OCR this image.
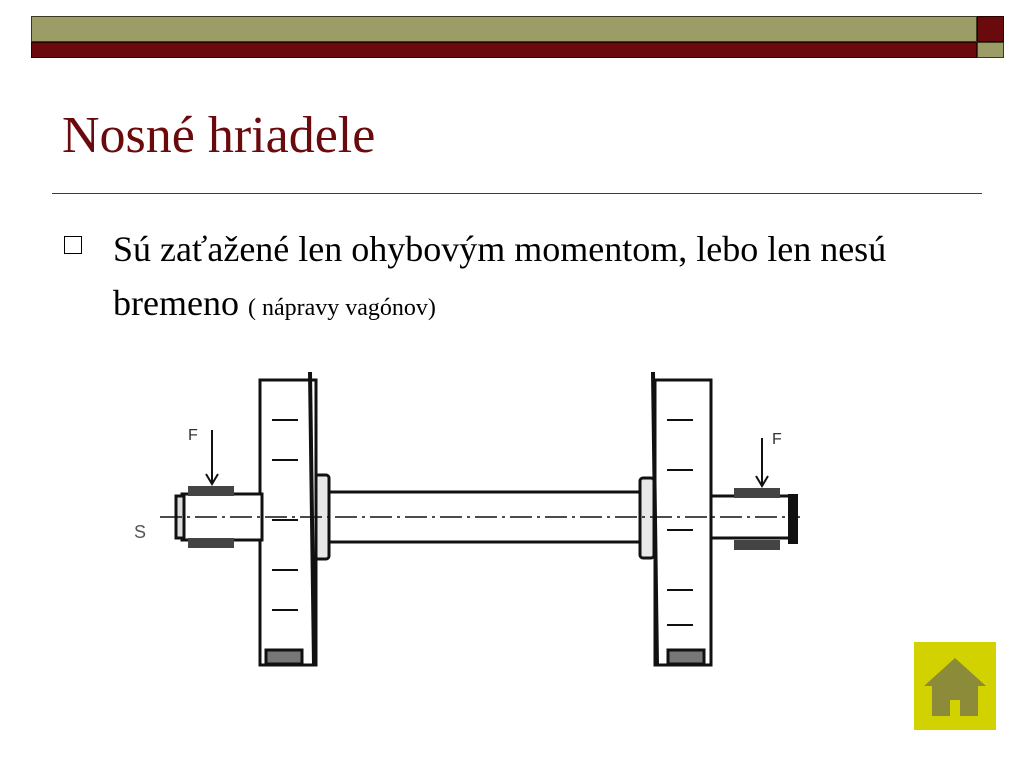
Nosné hriadele
Sú zaťažené len ohybovým momentom, lebo len nesú bremeno ( nápravy vagónov)
F
S
F
